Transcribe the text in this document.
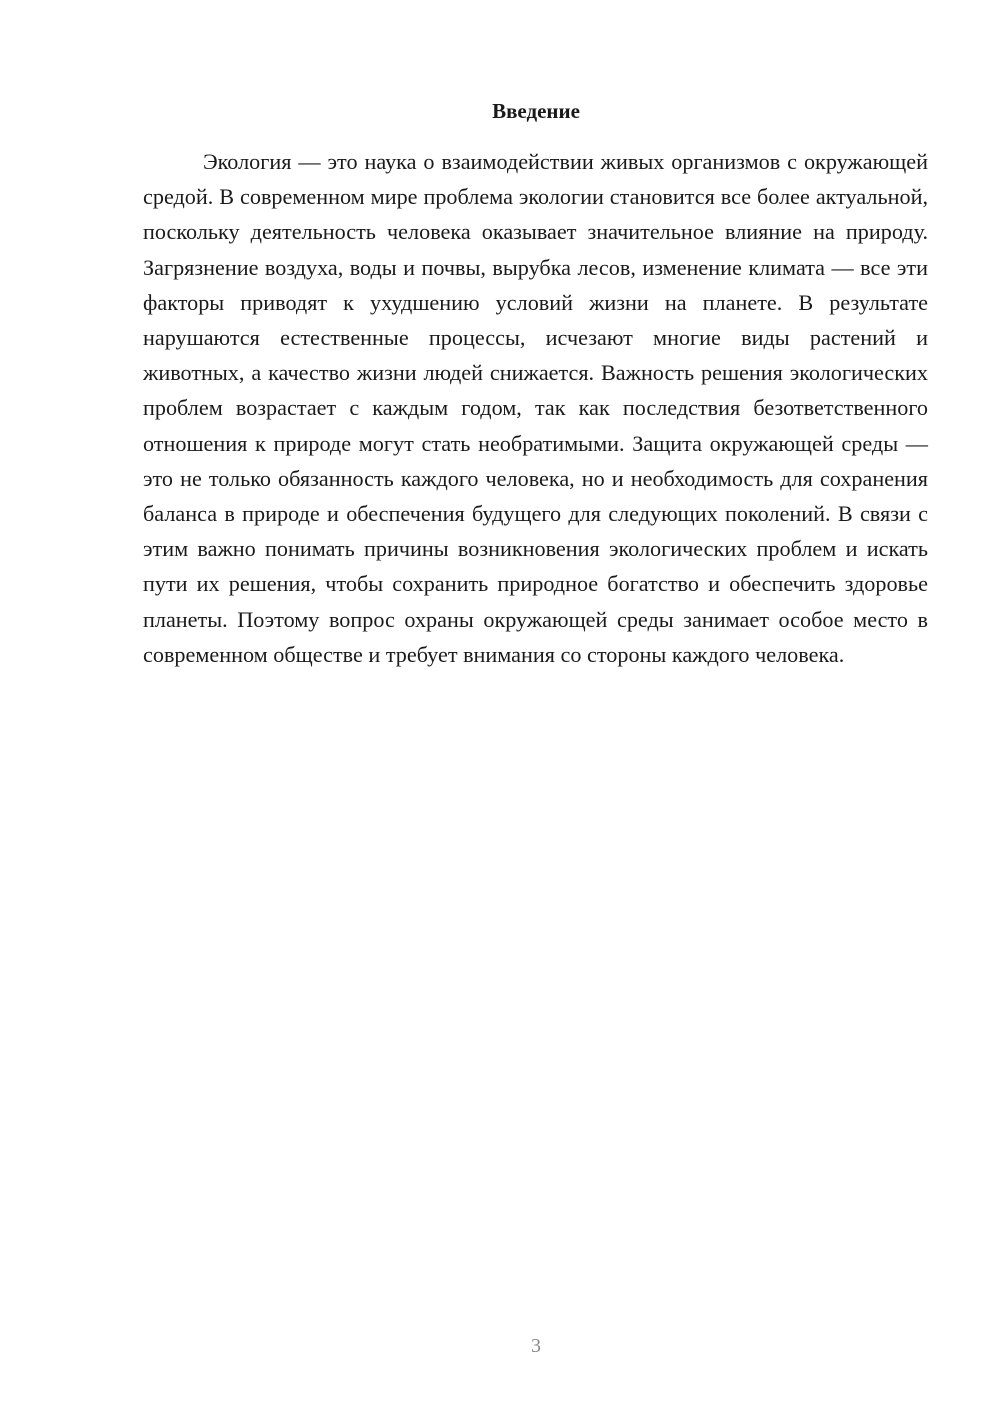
Введение

Экология — это наука о взаимодействии живых организмов с окружающей средой. В современном мире проблема экологии становится все более актуальной, поскольку деятельность человека оказывает значительное влияние на природу. Загрязнение воздуха, воды и почвы, вырубка лесов, изменение климата — все эти факторы приводят к ухудшению условий жизни на планете. В результате нарушаются естественные процессы, исчезают многие виды растений и животных, а качество жизни людей снижается. Важность решения экологических проблем возрастает с каждым годом, так как последствия безответственного отношения к природе могут стать необратимыми. Защита окружающей среды — это не только обязанность каждого человека, но и необходимость для сохранения баланса в природе и обеспечения будущего для следующих поколений. В связи с этим важно понимать причины возникновения экологических проблем и искать пути их решения, чтобы сохранить природное богатство и обеспечить здоровье планеты. Поэтому вопрос охраны окружающей среды занимает особое место в современном обществе и требует внимания со стороны каждого человека.

3
